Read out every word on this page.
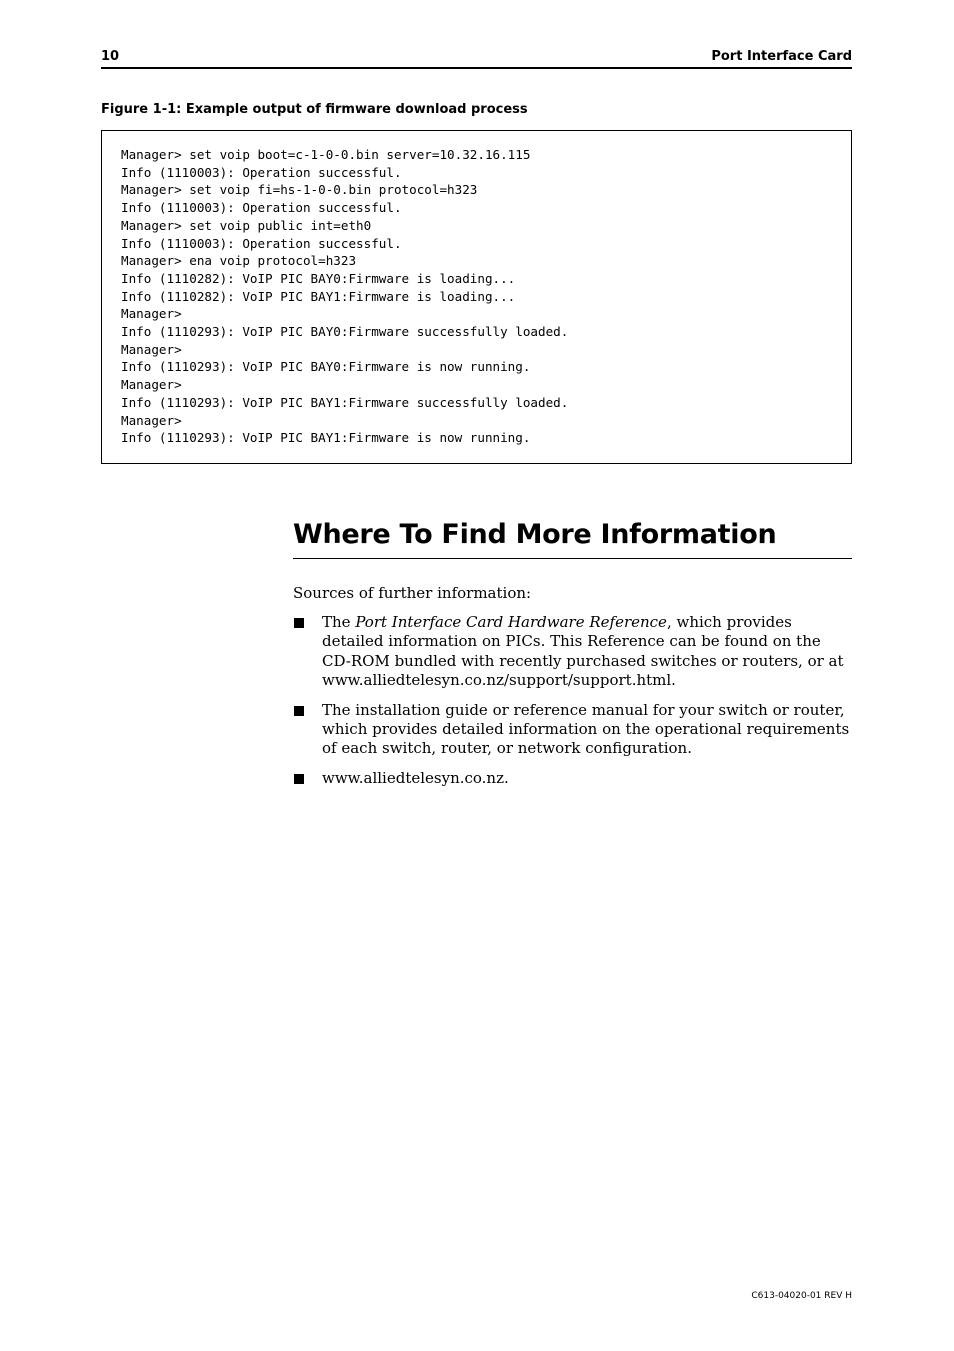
10	Port Interface Card
Figure 1-1: Example output of firmware download process
Manager> set voip boot=c-1-0-0.bin server=10.32.16.115
Info (1110003): Operation successful.
Manager> set voip fi=hs-1-0-0.bin protocol=h323
Info (1110003): Operation successful.
Manager> set voip public int=eth0
Info (1110003): Operation successful.
Manager> ena voip protocol=h323
Info (1110282): VoIP PIC BAY0:Firmware is loading...
Info (1110282): VoIP PIC BAY1:Firmware is loading...
Manager>
Info (1110293): VoIP PIC BAY0:Firmware successfully loaded.
Manager>
Info (1110293): VoIP PIC BAY0:Firmware is now running.
Manager>
Info (1110293): VoIP PIC BAY1:Firmware successfully loaded.
Manager>
Info (1110293): VoIP PIC BAY1:Firmware is now running.
Where To Find More Information
Sources of further information:
The Port Interface Card Hardware Reference, which provides detailed information on PICs. This Reference can be found on the CD-ROM bundled with recently purchased switches or routers, or at www.alliedtelesyn.co.nz/support/support.html.
The installation guide or reference manual for your switch or router, which provides detailed information on the operational requirements of each switch, router, or network configuration.
www.alliedtelesyn.co.nz.
C613-04020-01 REV H
